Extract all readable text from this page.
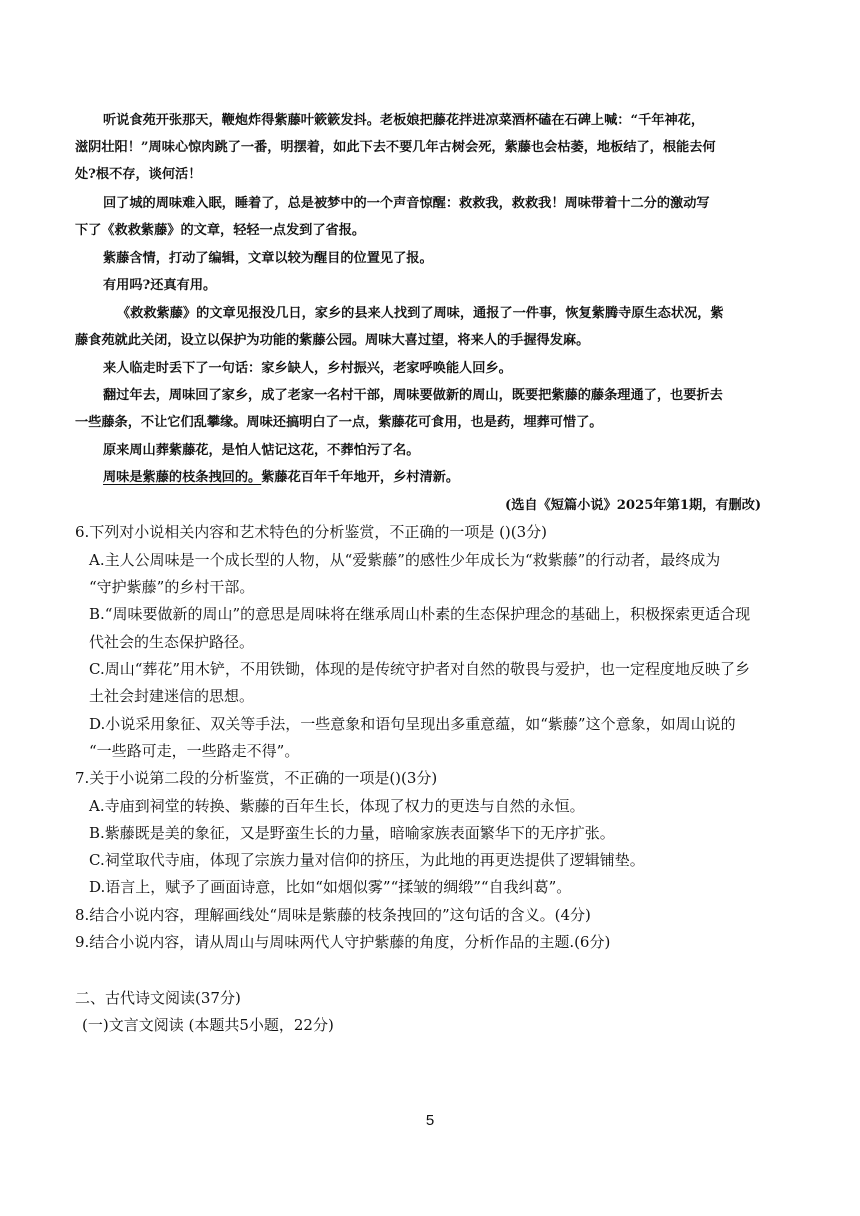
听说食苑开张那天，鞭炮炸得紫藤叶簌簌发抖。老板娘把藤花拌进凉菜酒杯磕在石碑上喊：“千年神花，
滋阴壮阳！”周味心惊肉跳了一番，明摆着，如此下去不要几年古树会死，紫藤也会枯萎，地板结了，根能去何
处?根不存，谈何活！
回了城的周味难入眠，睡着了，总是被梦中的一个声音惊醒：救救我，救救我！周味带着十二分的激动写
下了《救救紫藤》的文章，轻轻一点发到了省报。
紫藤含情，打动了编辑，文章以较为醒目的位置见了报。
有用吗?还真有用。
《救救紫藤》的文章见报没几日，家乡的县来人找到了周味，通报了一件事，恢复紫腾寺原生态状况，紫
藤食苑就此关闭，设立以保护为功能的紫藤公园。周味大喜过望，将来人的手握得发麻。
来人临走时丢下了一句话：家乡缺人，乡村振兴，老家呼唤能人回乡。
翻过年去，周味回了家乡，成了老家一名村干部，周味要做新的周山，既要把紫藤的藤条理通了，也要折去
一些藤条，不让它们乱攀缘。周味还搞明白了一点，紫藤花可食用，也是药，埋葬可惜了。
原来周山葬紫藤花，是怕人惦记这花，不葬怕污了名。
周味是紫藤的枝条拽回的。紫藤花百年千年地开，乡村清新。
(选自《短篇小说》2025年第1期，有删改)
6.下列对小说相关内容和艺术特色的分析鉴赏，不正确的一项是 ()(3分)
A.主人公周味是一个成长型的人物，从“爱紫藤”的感性少年成长为“救紫藤”的行动者，最终成为
“守护紫藤”的乡村干部。
B.“周味要做新的周山”的意思是周味将在继承周山朴素的生态保护理念的基础上，积极探索更适合现
代社会的生态保护路径。
C.周山“葬花”用木铲，不用铁锄，体现的是传统守护者对自然的敬畏与爱护，也一定程度地反映了乡
土社会封建迷信的思想。
D.小说采用象征、双关等手法，一些意象和语句呈现出多重意蕴，如“紫藤”这个意象，如周山说的
“一些路可走，一些路走不得”。
7.关于小说第二段的分析鉴赏，不正确的一项是()(3分)
A.寺庙到祠堂的转换、紫藤的百年生长，体现了权力的更迭与自然的永恒。
B.紫藤既是美的象征，又是野蛮生长的力量，暗喻家族表面繁华下的无序扩张。
C.祠堂取代寺庙，体现了宗族力量对信仰的挤压，为此地的再更迭提供了逻辑铺垫。
D.语言上，赋予了画面诗意，比如“如烟似雾”“揉皱的绸缎”“自我纠葛”。
8.结合小说内容，理解画线处“周味是紫藤的枝条拽回的”这句话的含义。(4分)
9.结合小说内容，请从周山与周味两代人守护紫藤的角度，分析作品的主题.(6分)
二、古代诗文阅读(37分)
(一)文言文阅读 (本题共5小题，22分)
5
